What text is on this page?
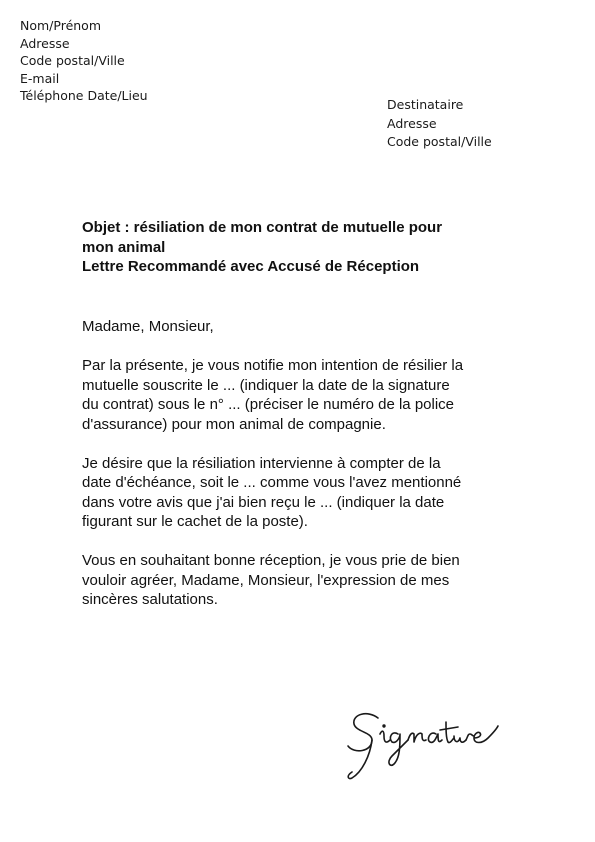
Nom/Prénom
Adresse
Code postal/Ville
E-mail
Téléphone Date/Lieu
Destinataire
Adresse
Code postal/Ville
Objet : résiliation de mon contrat de mutuelle pour
mon animal
Lettre Recommandé avec Accusé de Réception

Madame, Monsieur,

Par la présente, je vous notifie mon intention de résilier la
mutuelle souscrite le ... (indiquer la date de la signature
du contrat) sous le n° ... (préciser le numéro de la police
d'assurance) pour mon animal de compagnie.

Je désire que la résiliation intervienne à compter de la
date d'échéance, soit le ... comme vous l'avez mentionné
dans votre avis que j'ai bien reçu le ... (indiquer la date
figurant sur le cachet de la poste).

Vous en souhaitant bonne réception, je vous prie de bien
vouloir agréer, Madame, Monsieur, l'expression de mes
sincères salutations.
